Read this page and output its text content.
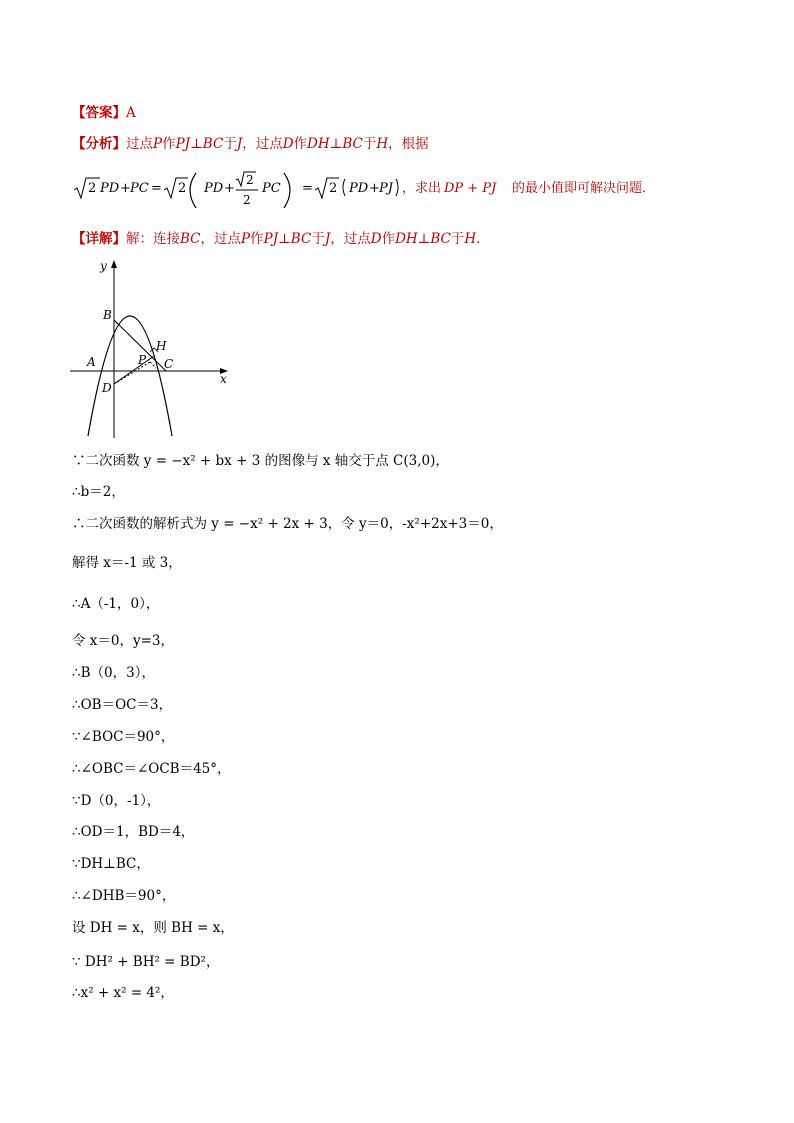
【答案】A
【分析】过点P作PJ⊥BC于J，过点D作DH⊥BC于H，根据
2 PD + PC = 2 PD +
2
2
PC = 2 PD + PJ ，求出 DP + PJ 的最小值即可解决问题．
【详解】解：连接BC，过点P作PJ⊥BC于J，过点D作DH⊥BC于H．
y
x
A
B
C
D
H
P
∵二次函数 y = −x² + bx + 3 的图像与 x 轴交于点 C(3,0)，
∴b＝2，
∴二次函数的解析式为 y = −x² + 2x + 3，令 y＝0，-x²+2x+3＝0，
解得 x＝-1 或 3，
∴A（-1，0），
令 x＝0，y=3，
∴B（0，3），
∴OB＝OC＝3，
∵∠BOC＝90°，
∴∠OBC＝∠OCB＝45°，
∵D（0，-1），
∴OD＝1，BD＝4，
∵DH⊥BC，
∴∠DHB＝90°，
设 DH = x，则 BH = x，
∵ DH² + BH² = BD²，
∴x² + x² = 4²，
